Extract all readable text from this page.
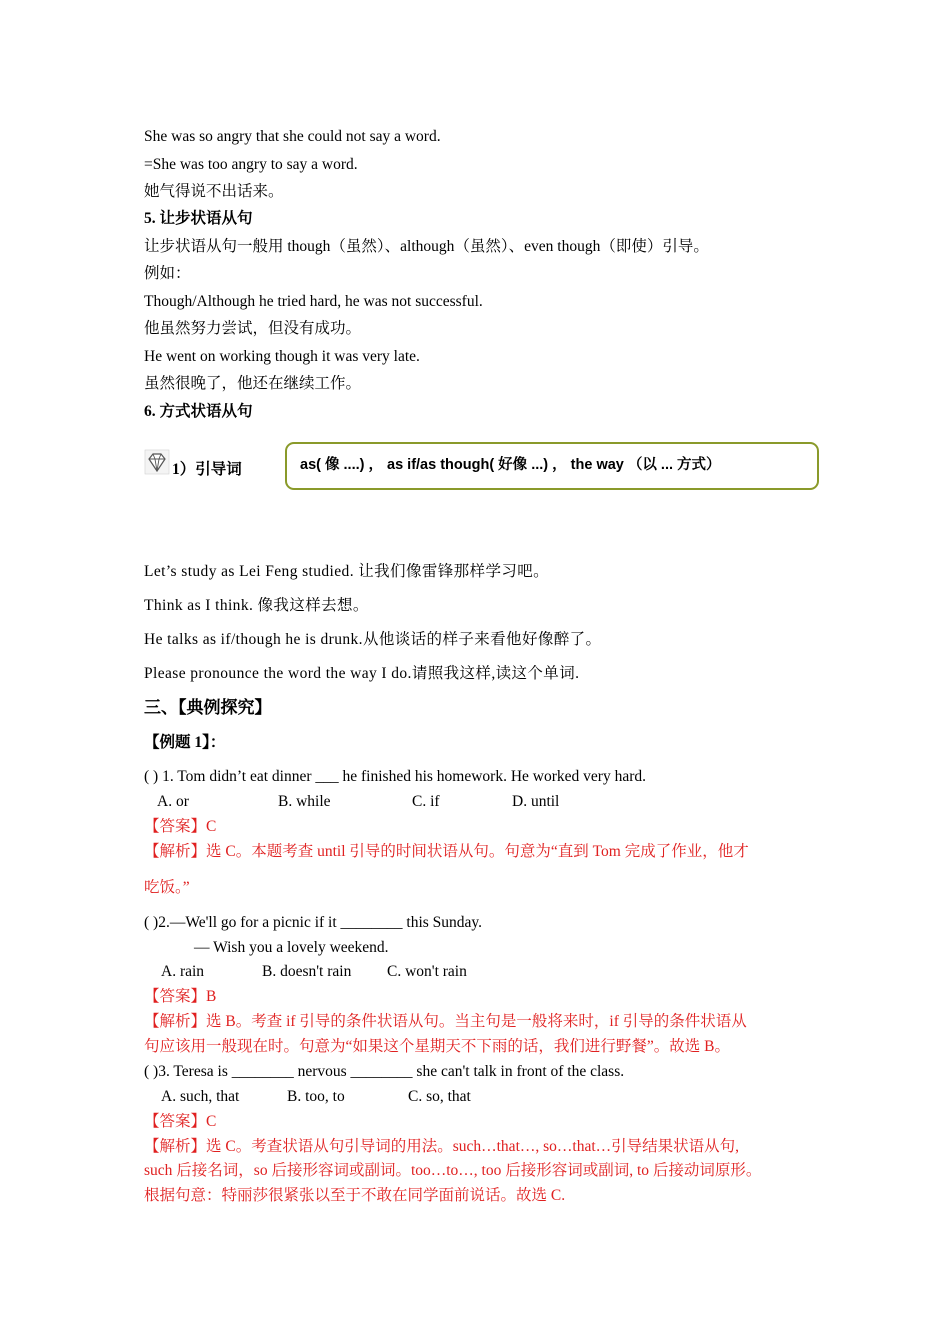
She was so angry that she could not say a word.
=She was too angry to say a word.
她气得说不出话来。
5. 让步状语从句
让步状语从句一般用 though（虽然）、although（虽然）、even though（即使）引导。
例如：
Though/Although he tried hard, he was not successful.
他虽然努力尝试，但没有成功。
He went on working though it was very late.
虽然很晚了，他还在继续工作。
6. 方式状语从句
1）引导词	as( 像 ....) ， as if/as though( 好像 ...) ， the way （以 ... 方式）
Let’s study as Lei Feng studied. 让我们像雷锋那样学习吧。
Think as I think. 像我这样去想。
He talks as if/though he is drunk.从他谈话的样子来看他好像醉了。
Please pronounce the word the way I do.请照我这样,读这个单词.
三、【典例探究】
【例题 1】：
( ) 1. Tom didn’t eat dinner ___ he finished his homework. He worked very hard.
A. or	B. while	C. if	D. until
【答案】C
【解析】选 C。本题考查 until 引导的时间状语从句。句意为“直到 Tom 完成了作业，他才
吃饭。”
( )2.—We'll go for a picnic if it ________ this Sunday.
— Wish you a lovely weekend.
A. rain	B. doesn't rain C. won't rain
【答案】B
【解析】选 B。考查 if 引导的条件状语从句。当主句是一般将来时，if 引导的条件状语从
句应该用一般现在时。句意为“如果这个星期天不下雨的话，我们进行野餐”。故选 B。
( )3. Teresa is ________ nervous ________ she can't talk in front of the class.
A. such, that	B. too, to	C. so, that
【答案】C
【解析】选 C。考查状语从句引导词的用法。such…that…, so…that…引导结果状语从句,
such 后接名词，so 后接形容词或副词。too…to…, too 后接形容词或副词, to 后接动词原形。
根据句意：特丽莎很紧张以至于不敢在同学面前说话。故选 C.
